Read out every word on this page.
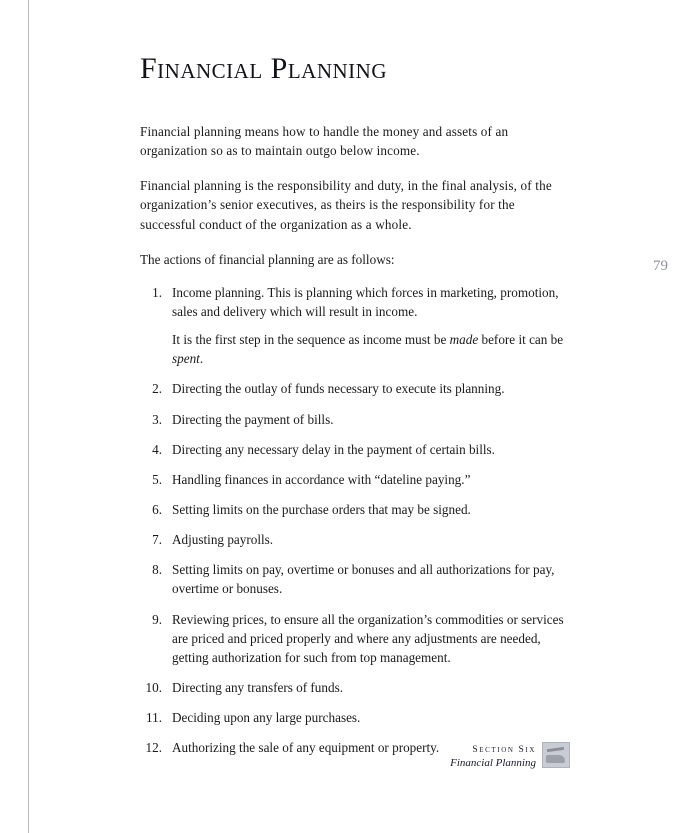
79
Financial Planning

Financial planning means how to handle the money and assets of an organization so as to maintain outgo below income.

Financial planning is the responsibility and duty, in the final analysis, of the organization’s senior executives, as theirs is the responsibility for the successful conduct of the organization as a whole.

The actions of financial planning are as follows:

1. Income planning. This is planning which forces in marketing, promotion, sales and delivery which will result in income.
It is the first step in the sequence as income must be made before it can be spent.
2. Directing the outlay of funds necessary to execute its planning.
3. Directing the payment of bills.
4. Directing any necessary delay in the payment of certain bills.
5. Handling finances in accordance with “dateline paying.”
6. Setting limits on the purchase orders that may be signed.
7. Adjusting payrolls.
8. Setting limits on pay, overtime or bonuses and all authorizations for pay, overtime or bonuses.
9. Reviewing prices, to ensure all the organization’s commodities or services are priced and priced properly and where any adjustments are needed, getting authorization for such from top management.
10. Directing any transfers of funds.
11. Deciding upon any large purchases.
12. Authorizing the sale of any equipment or property.	Section Six
Financial Planning
